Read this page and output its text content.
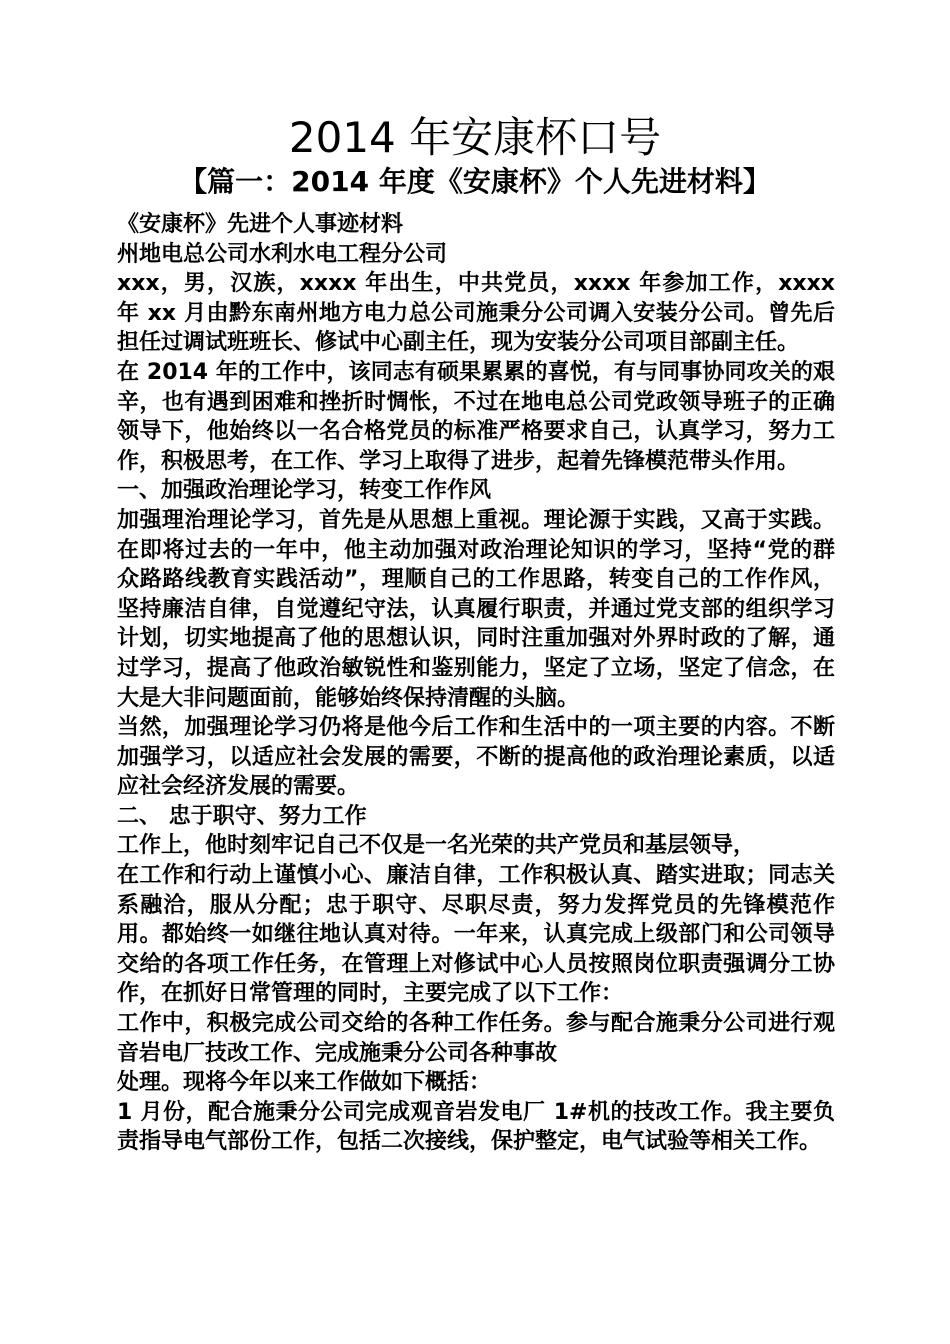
2014 年安康杯口号
【篇一：2014 年度《安康杯》个人先进材料】

《安康杯》先进个人事迹材料

州地电总公司水利水电工程分公司

xxx，男，汉族，xxxx 年出生，中共党员，xxxx 年参加工作，xxxx 年 xx 月由黔东南州地方电力总公司施秉分公司调入安装分公司。曾先后担任过调试班班长、修试中心副主任，现为安装分公司项目部副主任。

在 2014 年的工作中，该同志有硕果累累的喜悦，有与同事协同攻关的艰辛，也有遇到困难和挫折时惆怅，不过在地电总公司党政领导班子的正确领导下，他始终以一名合格党员的标准严格要求自己，认真学习，努力工作，积极思考，在工作、学习上取得了进步，起着先锋模范带头作用。

一、加强政治理论学习，转变工作作风

加强理治理论学习，首先是从思想上重视。理论源于实践，又高于实践。在即将过去的一年中，他主动加强对政治理论知识的学习，坚持“党的群众路路线教育实践活动”，理顺自己的工作思路，转变自己的工作作风，坚持廉洁自律，自觉遵纪守法，认真履行职责，并通过党支部的组织学习计划，切实地提高了他的思想认识，同时注重加强对外界时政的了解，通过学习，提高了他政治敏锐性和鉴别能力，坚定了立场，坚定了信念，在大是大非问题面前，能够始终保持清醒的头脑。

当然，加强理论学习仍将是他今后工作和生活中的一项主要的内容。不断加强学习，以适应社会发展的需要，不断的提高他的政治理论素质，以适应社会经济发展的需要。

二、 忠于职守、努力工作

工作上，他时刻牢记自己不仅是一名光荣的共产党员和基层领导，

在工作和行动上谨慎小心、廉洁自律，工作积极认真、踏实进取；同志关系融洽，服从分配；忠于职守、尽职尽责，努力发挥党员的先锋模范作用。都始终一如继往地认真对待。一年来，认真完成上级部门和公司领导交给的各项工作任务，在管理上对修试中心人员按照岗位职责强调分工协作，在抓好日常管理的同时，主要完成了以下工作：

工作中，积极完成公司交给的各种工作任务。参与配合施秉分公司进行观音岩电厂技改工作、完成施秉分公司各种事故

处理。现将今年以来工作做如下概括：

1 月份，配合施秉分公司完成观音岩发电厂 1#机的技改工作。我主要负责指导电气部份工作，包括二次接线，保护整定，电气试验等相关工作。
